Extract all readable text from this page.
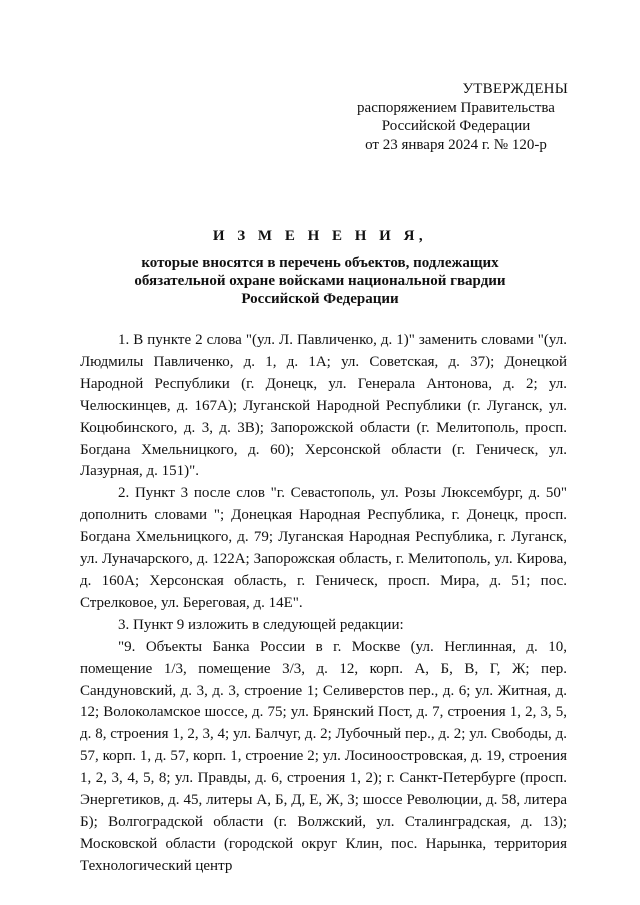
УТВЕРЖДЕНЫ
распоряжением Правительства
Российской Федерации
от 23 января 2024 г. № 120-р
И З М Е Н Е Н И Я,
которые вносятся в перечень объектов, подлежащих
обязательной охране войсками национальной гвардии
Российской Федерации

1. В пункте 2 слова "(ул. Л. Павличенко, д. 1)" заменить словами "(ул. Людмилы Павличенко, д. 1, д. 1А; ул. Советская, д. 37); Донецкой Народной Республики (г. Донецк, ул. Генерала Антонова, д. 2; ул. Челюскинцев, д. 167А); Луганской Народной Республики (г. Луганск, ул. Коцюбинского, д. 3, д. 3В); Запорожской области (г. Мелитополь, просп. Богдана Хмельницкого, д. 60); Херсонской области (г. Геническ, ул. Лазурная, д. 151)".

2. Пункт 3 после слов "г. Севастополь, ул. Розы Люксембург, д. 50" дополнить словами "; Донецкая Народная Республика, г. Донецк, просп. Богдана Хмельницкого, д. 79; Луганская Народная Республика, г. Луганск, ул. Луначарского, д. 122А; Запорожская область, г. Мелитополь, ул. Кирова, д. 160А; Херсонская область, г. Геническ, просп. Мира, д. 51; пос. Стрелковое, ул. Береговая, д. 14Е".

3. Пункт 9 изложить в следующей редакции:

"9. Объекты Банка России в г. Москве (ул. Неглинная, д. 10, помещение 1/3, помещение 3/3, д. 12, корп. А, Б, В, Г, Ж; пер. Сандуновский, д. 3, д. 3, строение 1; Селиверстов пер., д. 6; ул. Житная, д. 12; Волоколамское шоссе, д. 75; ул. Брянский Пост, д. 7, строения 1, 2, 3, 5, д. 8, строения 1, 2, 3, 4; ул. Балчуг, д. 2; Лубочный пер., д. 2; ул. Свободы, д. 57, корп. 1, д. 57, корп. 1, строение 2; ул. Лосиноостровская, д. 19, строения 1, 2, 3, 4, 5, 8; ул. Правды, д. 6, строения 1, 2); г. Санкт-Петербурге (просп. Энергетиков, д. 45, литеры А, Б, Д, Е, Ж, З; шоссе Революции, д. 58, литера Б); Волгоградской области (г. Волжский, ул. Сталинградская, д. 13); Московской области (городской округ Клин, пос. Нарынка, территория Технологический центр
